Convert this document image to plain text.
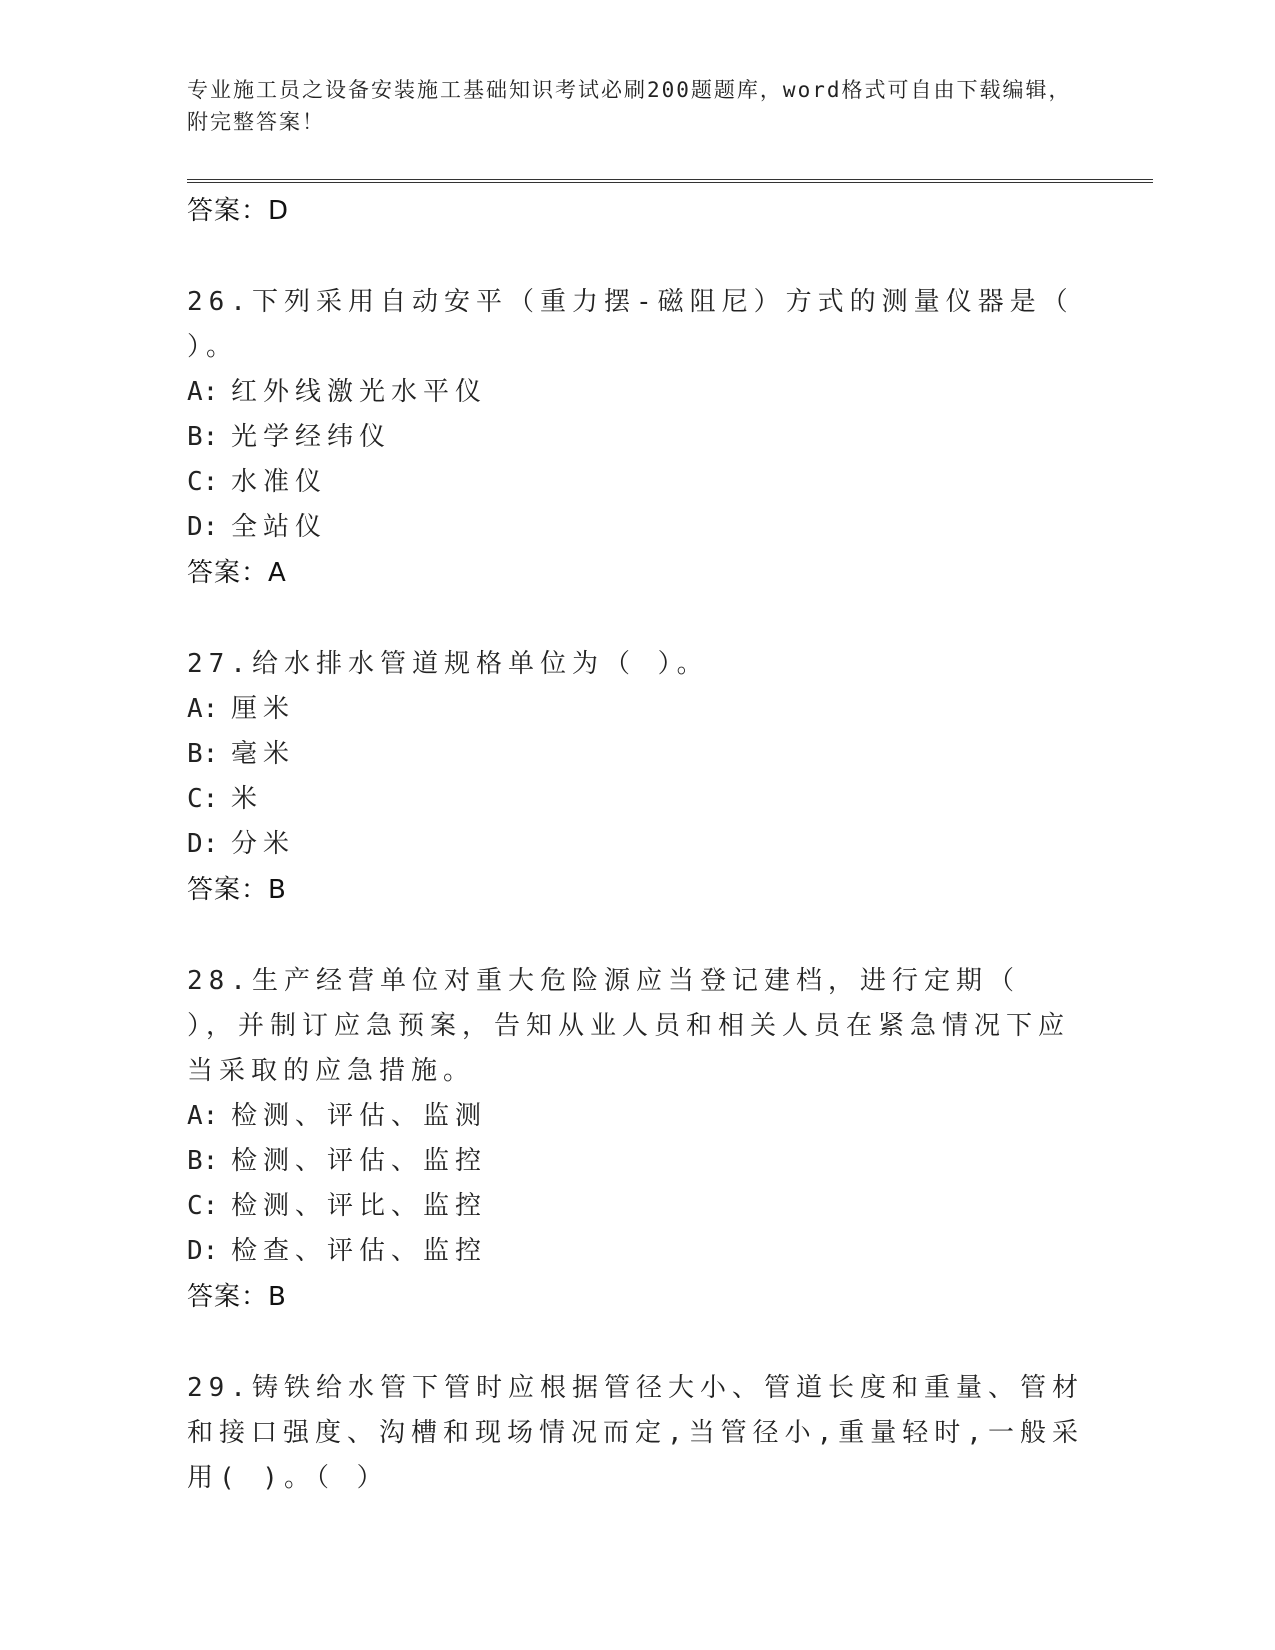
专业施工员之设备安装施工基础知识考试必刷200题题库，word格式可自由下载编辑，附完整答案！
答案：D
26.下列采用自动安平（重力摆-磁阻尼）方式的测量仪器是（ ）。
A: 红外线激光水平仪
B: 光学经纬仪
C: 水准仪
D: 全站仪
答案：A
27.给水排水管道规格单位为（ ）。
A: 厘米
B: 毫米
C: 米
D: 分米
答案：B
28.生产经营单位对重大危险源应当登记建档，进行定期（ ），并制订应急预案，告知从业人员和相关人员在紧急情况下应当采取的应急措施。
A: 检测、评估、监测
B: 检测、评估、监控
C: 检测、评比、监控
D: 检查、评估、监控
答案：B
29.铸铁给水管下管时应根据管径大小、管道长度和重量、管材和接口强度、沟槽和现场情况而定,当管径小,重量轻时,一般采用( )。（ ）
